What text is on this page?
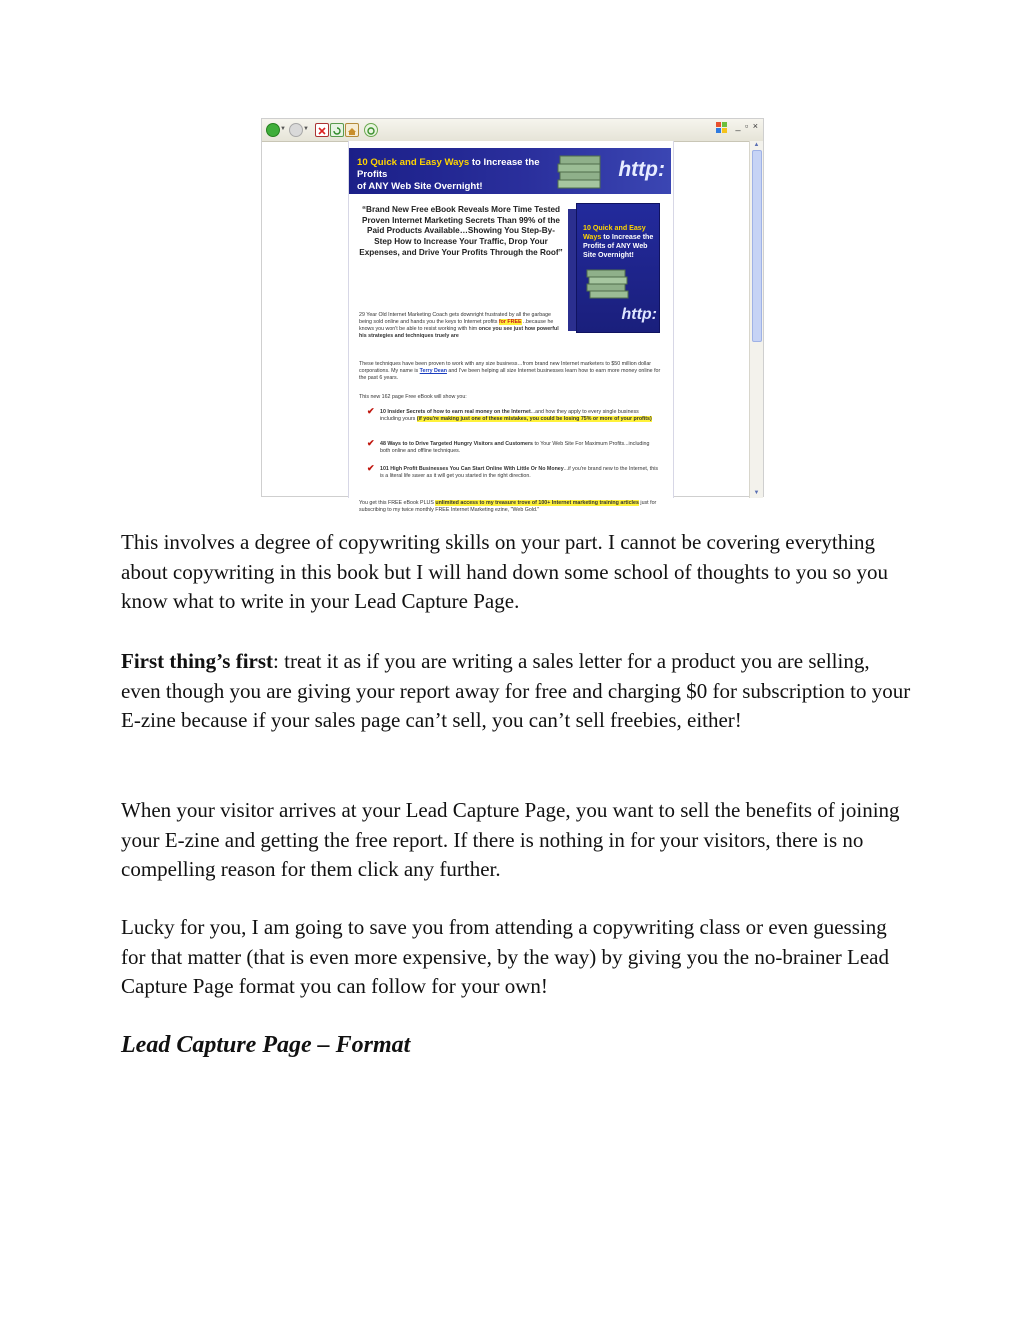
▼	▼	_ ▫ ×
▲
▼
10 Quick and Easy Ways to Increase the Profits
of ANY Web Site Overnight!
http:
“Brand New Free eBook Reveals More Time Tested Proven Internet Marketing Secrets Than 99% of the Paid Products Available…Showing You Step-By-Step How to Increase Your Traffic, Drop Your Expenses, and Drive Your Profits Through the Roof”
10 Quick and Easy Ways to Increase the Profits of ANY Web Site Overnight!
http:
29 Year Old Internet Marketing Coach gets downright frustrated by all the garbage being sold online and hands you the keys to Internet profits for FREE ..because he knows you won't be able to resist working with him once you see just how powerful his strategies and techniques truely are
These techniques have been proven to work with any size business…from brand new Internet marketers to $50 million dollar corporations. My name is Terry Dean and I've been helping all size Internet businesses learn how to earn more money online for the past 6 years.
This new 162 page Free eBook will show you:
✔ 10 Insider Secrets of how to earn real money on the Internet...and how they apply to every single business including yours (if you're making just one of these mistakes, you could be losing 75% or more of your profits)
✔ 48 Ways to to Drive Targeted Hungry Visitors and Customers to Your Web Site For Maximum Profits...including both online and offline techniques.
✔ 101 High Profit Businesses You Can Start Online With Little Or No Money...if you're brand new to the Internet, this is a literal life saver as it will get you started in the right direction.
You get this FREE eBook PLUS unlimited access to my treasure trove of 100+ Internet marketing training articles just for subscribing to my twice monthly FREE Internet Marketing ezine, "Web Gold."

This involves a degree of copywriting skills on your part. I cannot be covering everything about copywriting in this book but I will hand down some school of thoughts to you so you know what to write in your Lead Capture Page.

First thing’s first: treat it as if you are writing a sales letter for a product you are selling, even though you are giving your report away for free and charging $0 for subscription to your E-zine because if your sales page can’t sell, you can’t sell freebies, either!

When your visitor arrives at your Lead Capture Page, you want to sell the benefits of joining your E-zine and getting the free report. If there is nothing in for your visitors, there is no compelling reason for them click any further.

Lucky for you, I am going to save you from attending a copywriting class or even guessing for that matter (that is even more expensive, by the way) by giving you the no-brainer Lead Capture Page format you can follow for your own!

Lead Capture Page – Format
